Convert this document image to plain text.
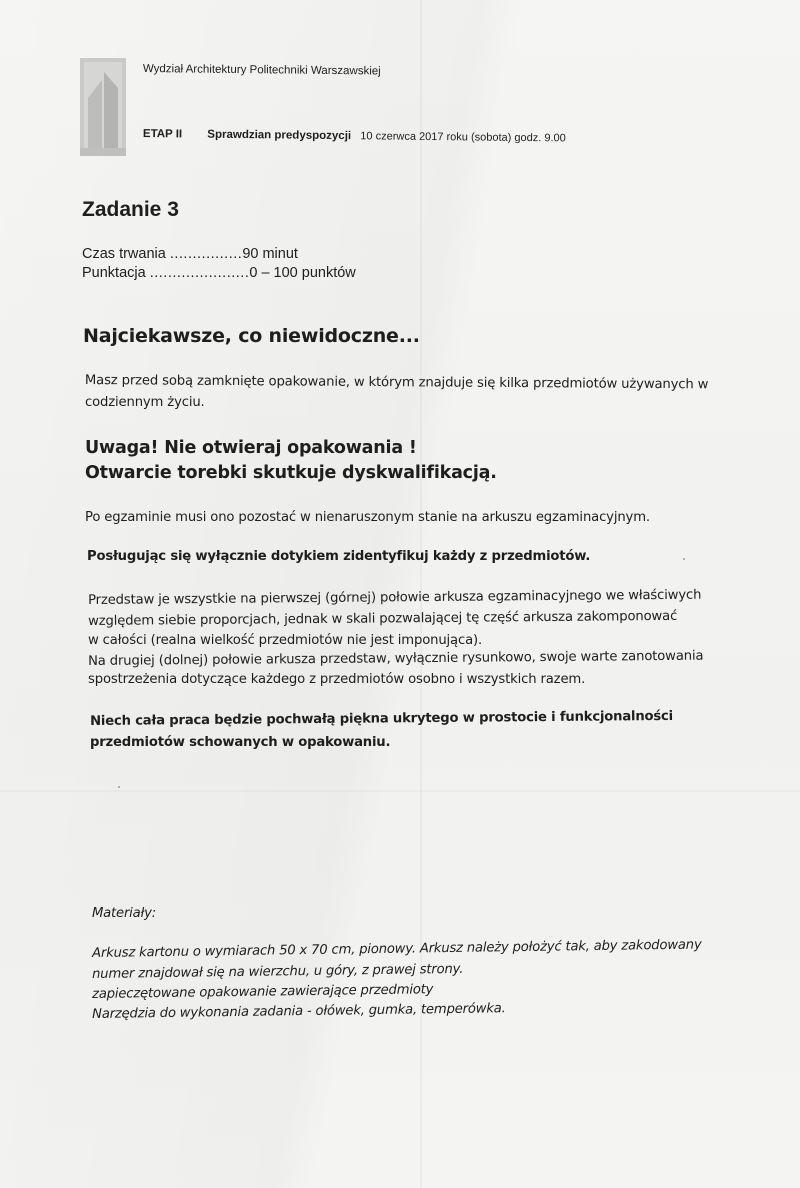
Wydział Architektury Politechniki Warszawskiej
ETAP II Sprawdzian predyspozycji 10 czerwca 2017 roku (sobota) godz. 9.00
Zadanie 3
Czas trwania ................90 minut
Punktacja ......................0 – 100 punktów
Najciekawsze, co niewidoczne...
Masz przed sobą zamknięte opakowanie, w którym znajduje się kilka przedmiotów używanych w
codziennym życiu.
Uwaga! Nie otwieraj opakowania !
Otwarcie torebki skutkuje dyskwalifikacją.
Po egzaminie musi ono pozostać w nienaruszonym stanie na arkuszu egzaminacyjnym.
Posługując się wyłącznie dotykiem zidentyfikuj każdy z przedmiotów.
Przedstaw je wszystkie na pierwszej (górnej) połowie arkusza egzaminacyjnego we właściwych
względem siebie proporcjach, jednak w skali pozwalającej tę część arkusza zakomponować
w całości (realna wielkość przedmiotów nie jest imponująca).
Na drugiej (dolnej) połowie arkusza przedstaw, wyłącznie rysunkowo, swoje warte zanotowania
spostrzeżenia dotyczące każdego z przedmiotów osobno i wszystkich razem.
Niech cała praca będzie pochwałą piękna ukrytego w prostocie i funkcjonalności
przedmiotów schowanych w opakowaniu.
Materiały:
Arkusz kartonu o wymiarach 50 x 70 cm, pionowy. Arkusz należy położyć tak, aby zakodowany
numer znajdował się na wierzchu, u góry, z prawej strony.
zapieczętowane opakowanie zawierające przedmioty
Narzędzia do wykonania zadania - ołówek, gumka, temperówka.
